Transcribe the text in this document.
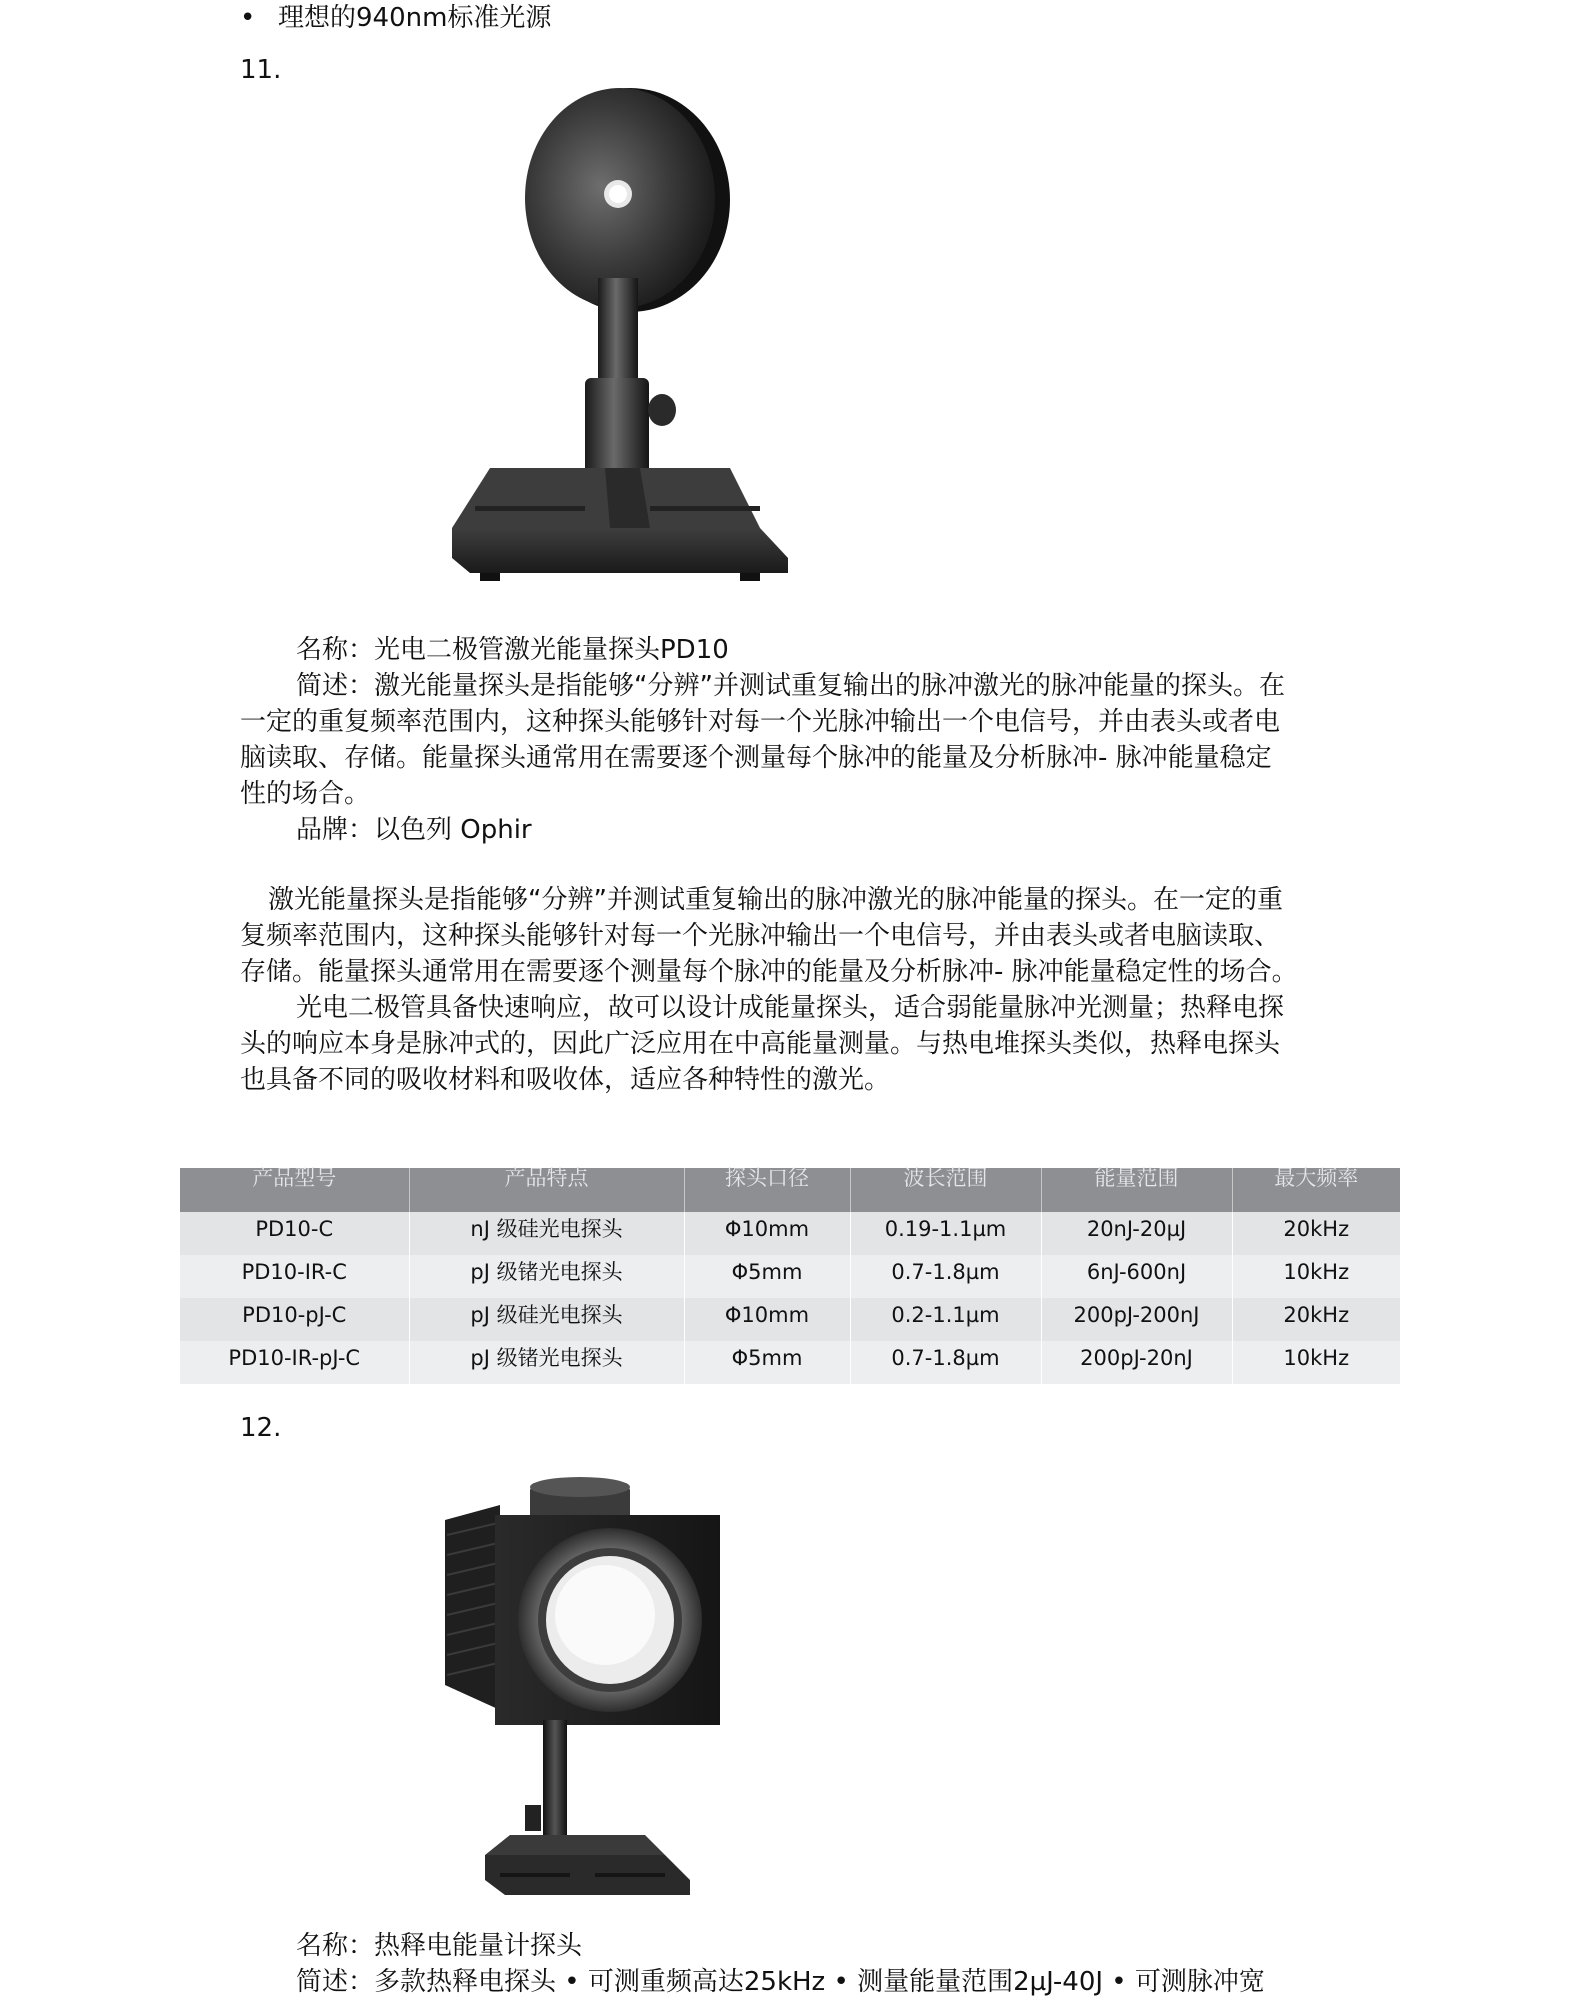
• 理想的940nm标准光源
11.
名称：光电二极管激光能量探头PD10
简述：激光能量探头是指能够“分辨”并测试重复输出的脉冲激光的脉冲能量的探头。在
一定的重复频率范围内，这种探头能够针对每一个光脉冲输出一个电信号，并由表头或者电
脑读取、存储。能量探头通常用在需要逐个测量每个脉冲的能量及分析脉冲- 脉冲能量稳定
性的场合。
品牌：以色列 Ophir
激光能量探头是指能够“分辨”并测试重复输出的脉冲激光的脉冲能量的探头。在一定的重
复频率范围内，这种探头能够针对每一个光脉冲输出一个电信号，并由表头或者电脑读取、
存储。能量探头通常用在需要逐个测量每个脉冲的能量及分析脉冲- 脉冲能量稳定性的场合。
光电二极管具备快速响应，故可以设计成能量探头，适合弱能量脉冲光测量；热释电探
头的响应本身是脉冲式的，因此广泛应用在中高能量测量。与热电堆探头类似，热释电探头
也具备不同的吸收材料和吸收体，适应各种特性的激光。
产品型号	产品特点	探头口径	波长范围	能量范围	最大频率
PD10-C	nJ 级硅光电探头	Φ10mm	0.19-1.1µm	20nJ-20µJ	20kHz
PD10-IR-C	pJ 级锗光电探头	Φ5mm	0.7-1.8µm	6nJ-600nJ	10kHz
PD10-pJ-C	pJ 级硅光电探头	Φ10mm	0.2-1.1µm	200pJ-200nJ	20kHz
PD10-IR-pJ-C	pJ 级锗光电探头	Φ5mm	0.7-1.8µm	200pJ-20nJ	10kHz
12.
名称：热释电能量计探头
简述：多款热释电探头 • 可测重频高达25kHz • 测量能量范围2µJ-40J • 可测脉冲宽
